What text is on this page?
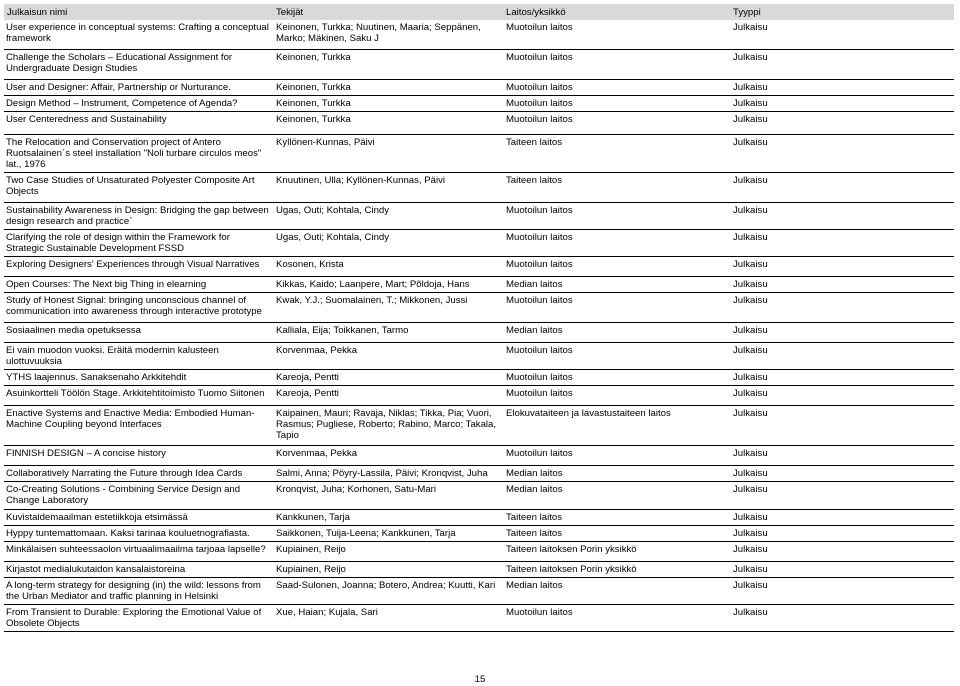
Julkaisun nimi	Tekijät	Laitos/yksikkö	Tyyppi
User experience in conceptual systems: Crafting a conceptual framework	Keinonen, Turkka; Nuutinen, Maaria; Seppänen, Marko; Mäkinen, Saku J	Muotoilun laitos	Julkaisu
Challenge the Scholars – Educational Assignment for Undergraduate Design Studies	Keinonen, Turkka	Muotoilun laitos	Julkaisu
User and Designer: Affair, Partnership or Nurturance.	Keinonen, Turkka	Muotoilun laitos	Julkaisu
Design Method – Instrument, Competence of Agenda?	Keinonen, Turkka	Muotoilun laitos	Julkaisu
User Centeredness and Sustainability	Keinonen, Turkka	Muotoilun laitos	Julkaisu
The Relocation and Conservation project of Antero Ruotsalainen´s steel installation "Noli turbare circulos meos" lat., 1976	Kyllönen-Kunnas, Päivi	Taiteen laitos	Julkaisu
Two Case Studies of Unsaturated Polyester Composite Art Objects	Knuutinen, Ulla; Kyllönen-Kunnas, Päivi	Taiteen laitos	Julkaisu
Sustainability Awareness in Design: Bridging the gap between design research and practice`	Ugas, Outi; Kohtala, Cindy	Muotoilun laitos	Julkaisu
Clarifying the role of design within the Framework for Strategic Sustainable Development FSSD	Ugas, Outi; Kohtala, Cindy	Muotoilun laitos	Julkaisu
Exploring Designers' Experiences through Visual Narratives	Kosonen, Krista	Muotoilun laitos	Julkaisu
Open Courses: The Next big Thing in elearning	Kikkas, Kaido; Laanpere, Mart; Põldoja, Hans	Median laitos	Julkaisu
Study of Honest Signal: bringing unconscious channel of communication into awareness through interactive prototype	Kwak, Y.J.; Suomalainen, T.; Mikkonen, Jussi	Muotoilun laitos	Julkaisu
Sosiaalinen media opetuksessa	Kalliala, Eija; Toikkanen, Tarmo	Median laitos	Julkaisu
Ei vain muodon vuoksi. Eräitä modernin kalusteen ulottuvuuksia	Korvenmaa, Pekka	Muotoilun laitos	Julkaisu
YTHS laajennus. Sanaksenaho Arkkitehdit	Kareoja, Pentti	Muotoilun laitos	Julkaisu
Asuinkortteli Töölön Stage. Arkkitehtitoimisto Tuomo Siitonen	Kareoja, Pentti	Muotoilun laitos	Julkaisu
Enactive Systems and Enactive Media: Embodied Human-Machine Coupling beyond Interfaces	Kaipainen, Mauri; Ravaja, Niklas; Tikka, Pia; Vuori, Rasmus; Pugliese, Roberto; Rabino, Marco; Takala, Tapio	Elokuvataiteen ja lavastustaiteen laitos	Julkaisu
FINNISH DESIGN – A concise history	Korvenmaa, Pekka	Muotoilun laitos	Julkaisu
Collaboratively Narrating the Future through Idea Cards	Salmi, Anna; Pöyry-Lassila, Päivi; Kronqvist, Juha	Median laitos	Julkaisu
Co-Creating Solutions - Combining Service Design and Change Laboratory	Kronqvist, Juha; Korhonen, Satu-Mari	Median laitos	Julkaisu
Kuvistaidemaailman estetiikkoja etsimässä	Kankkunen, Tarja	Taiteen laitos	Julkaisu
Hyppy tuntemattomaan. Kaksi tarinaa kouluetnografiasta.	Saikkonen, Tuija-Leena; Kankkunen, Tarja	Taiteen laitos	Julkaisu
Minkälaisen suhteessaolon virtuaalimaailma tarjoaa lapselle?	Kupiainen, Reijo	Taiteen laitoksen Porin yksikkö	Julkaisu
Kirjastot medialukutaidon kansalaistoreina	Kupiainen, Reijo	Taiteen laitoksen Porin yksikkö	Julkaisu
A long-term strategy for designing (in) the wild: lessons from the Urban Mediator and traffic planning in Helsinki	Saad-Sulonen, Joanna; Botero, Andrea; Kuutti, Kari	Median laitos	Julkaisu
From Transient to Durable: Exploring the Emotional Value of Obsolete Objects	Xue, Haian; Kujala, Sari	Muotoilun laitos	Julkaisu
15
